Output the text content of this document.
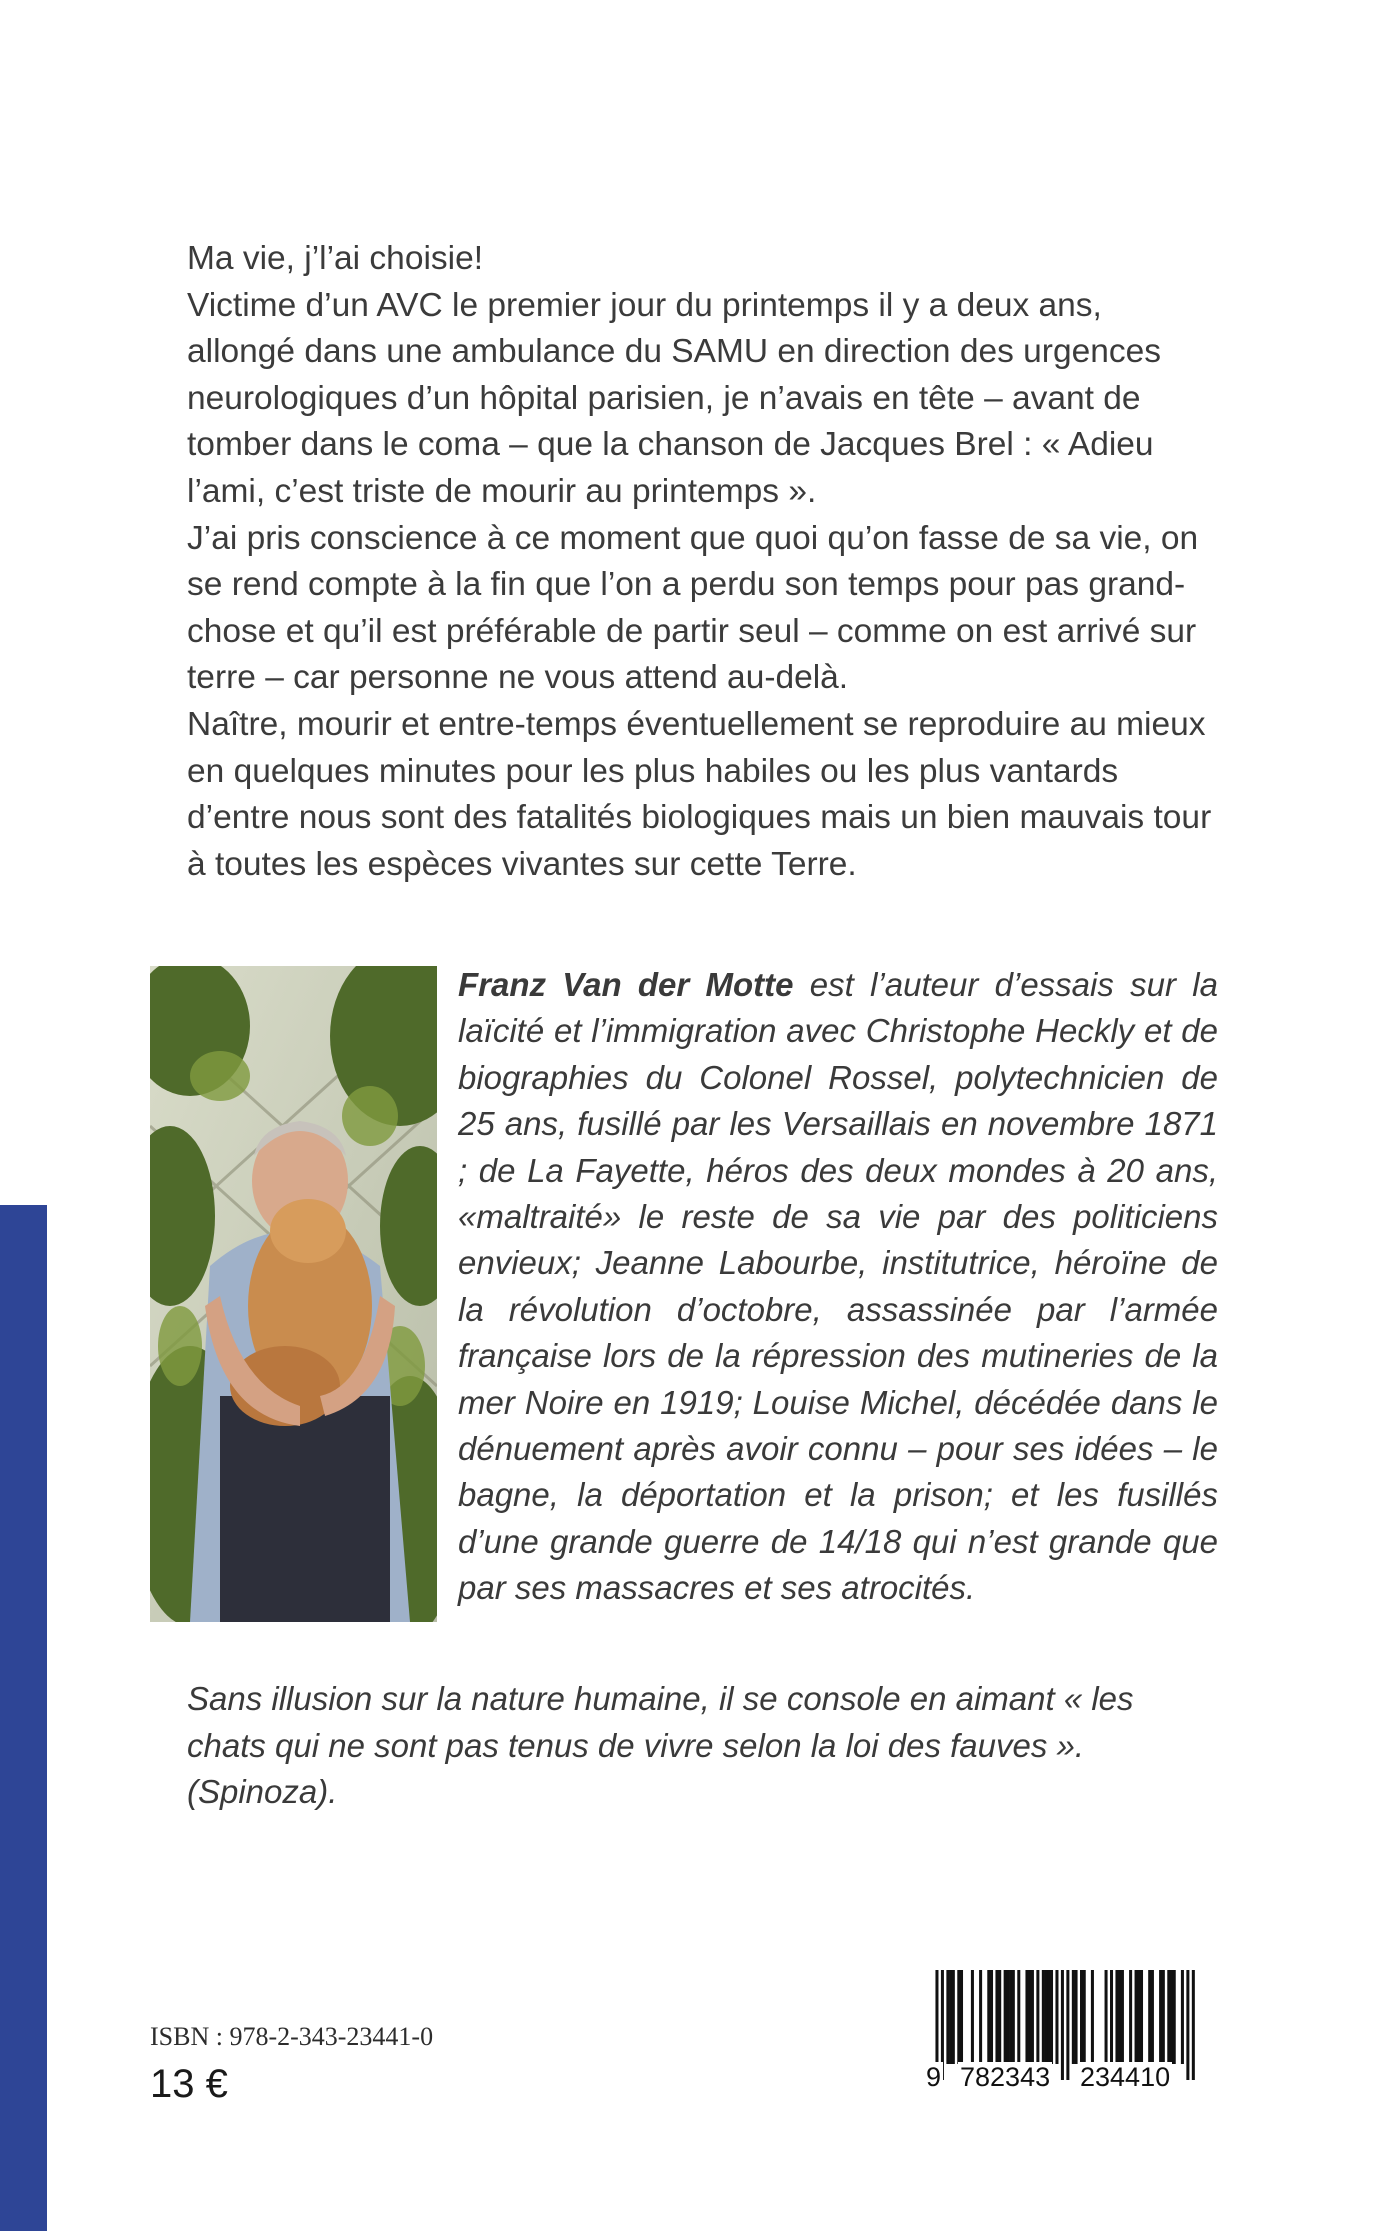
Ma vie, j’l’ai choisie!

Victime d’un AVC le premier jour du printemps il y a deux ans, allongé dans une ambulance du SAMU en direction des urgences neurologiques d’un hôpital parisien, je n’avais en tête – avant de tomber dans le coma – que la chanson de Jacques Brel : « Adieu l’ami, c’est triste de mourir au printemps ».

J’ai pris conscience à ce moment que quoi qu’on fasse de sa vie, on se rend compte à la fin que l’on a perdu son temps pour pas grand-chose et qu’il est préférable de partir seul – comme on est arrivé sur terre – car personne ne vous attend au-delà.

Naître, mourir et entre-temps éventuellement se reproduire au mieux en quelques minutes pour les plus habiles ou les plus vantards d’entre nous sont des fatalités biologiques mais un bien mauvais tour à toutes les espèces vivantes sur cette Terre.

Franz Van der Motte est l’auteur d’essais sur la laïcité et l’immigration avec Christophe Heckly et de biographies du Colonel Rossel, polytechnicien de 25 ans, fusillé par les Versaillais en novembre 1871 ; de La Fayette, héros des deux mondes à 20 ans, «maltraité» le reste de sa vie par des politiciens envieux; Jeanne Labourbe, institutrice, héroïne de la révolution d’octobre, assassinée par l’armée française lors de la répression des mutineries de la mer Noire en 1919; Louise Michel, décédée dans le dénuement après avoir connu – pour ses idées – le bagne, la déportation et la prison; et les fusillés d’une grande guerre de 14/18 qui n’est grande que par ses massacres et ses atrocités.
Sans illusion sur la nature humaine, il se console en aimant « les chats qui ne sont pas tenus de vivre selon la loi des fauves ». (Spinoza).
ISBN : 978-2-343-23441-0
13 €	9 782343 234410
